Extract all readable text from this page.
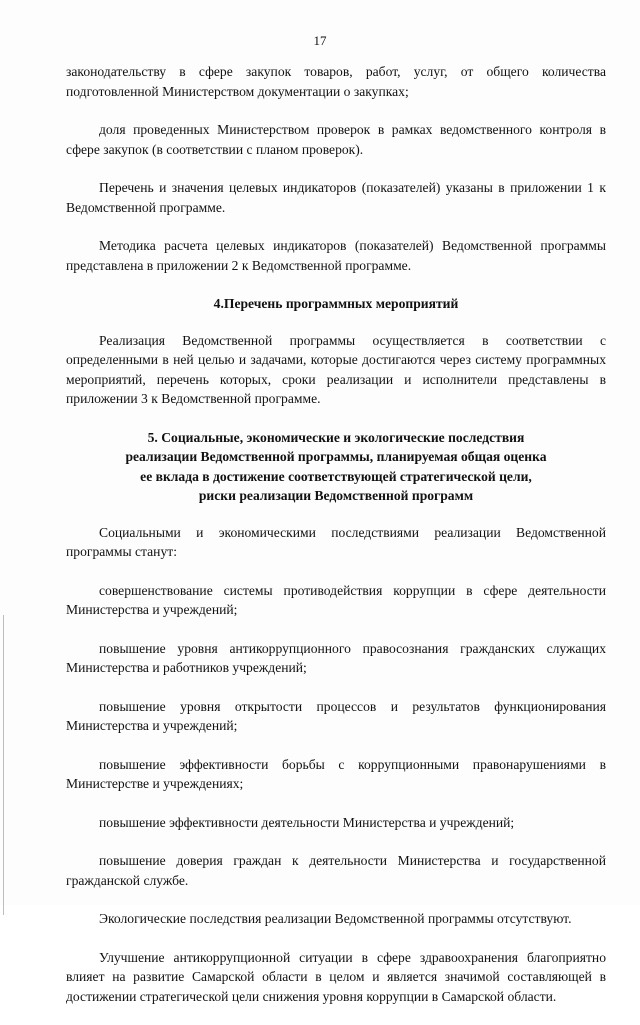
17

законодательству в сфере закупок товаров, работ, услуг, от общего количества подготовленной Министерством документации о закупках;

доля проведенных Министерством проверок в рамках ведомственного контроля в сфере закупок (в соответствии с планом проверок).

Перечень и значения целевых индикаторов (показателей) указаны в приложении 1 к Ведомственной программе.

Методика расчета целевых индикаторов (показателей) Ведомственной программы представлена в приложении 2 к Ведомственной программе.

4.Перечень программных мероприятий

Реализация Ведомственной программы осуществляется в соответствии с определенными в ней целью и задачами, которые достигаются через систему программных мероприятий, перечень которых, сроки реализации и исполнители представлены в приложении 3 к Ведомственной программе.

5. Социальные, экономические и экологические последствия
реализации Ведомственной программы, планируемая общая оценка
ее вклада в достижение соответствующей стратегической цели,
риски реализации Ведомственной программ

Социальными и экономическими последствиями реализации Ведомственной программы станут:

совершенствование системы противодействия коррупции в сфере деятельности Министерства и учреждений;

повышение уровня антикоррупционного правосознания гражданских служащих Министерства и работников учреждений;

повышение уровня открытости процессов и результатов функционирования Министерства и учреждений;

повышение эффективности борьбы с коррупционными правонарушениями в Министерстве и учреждениях;

повышение эффективности деятельности Министерства и учреждений;

повышение доверия граждан к деятельности Министерства и государственной гражданской службе.

Экологические последствия реализации Ведомственной программы отсутствуют.

Улучшение антикоррупционной ситуации в сфере здравоохранения благоприятно влияет на развитие Самарской области в целом и является значимой составляющей в достижении стратегической цели снижения уровня коррупции в Самарской области.
